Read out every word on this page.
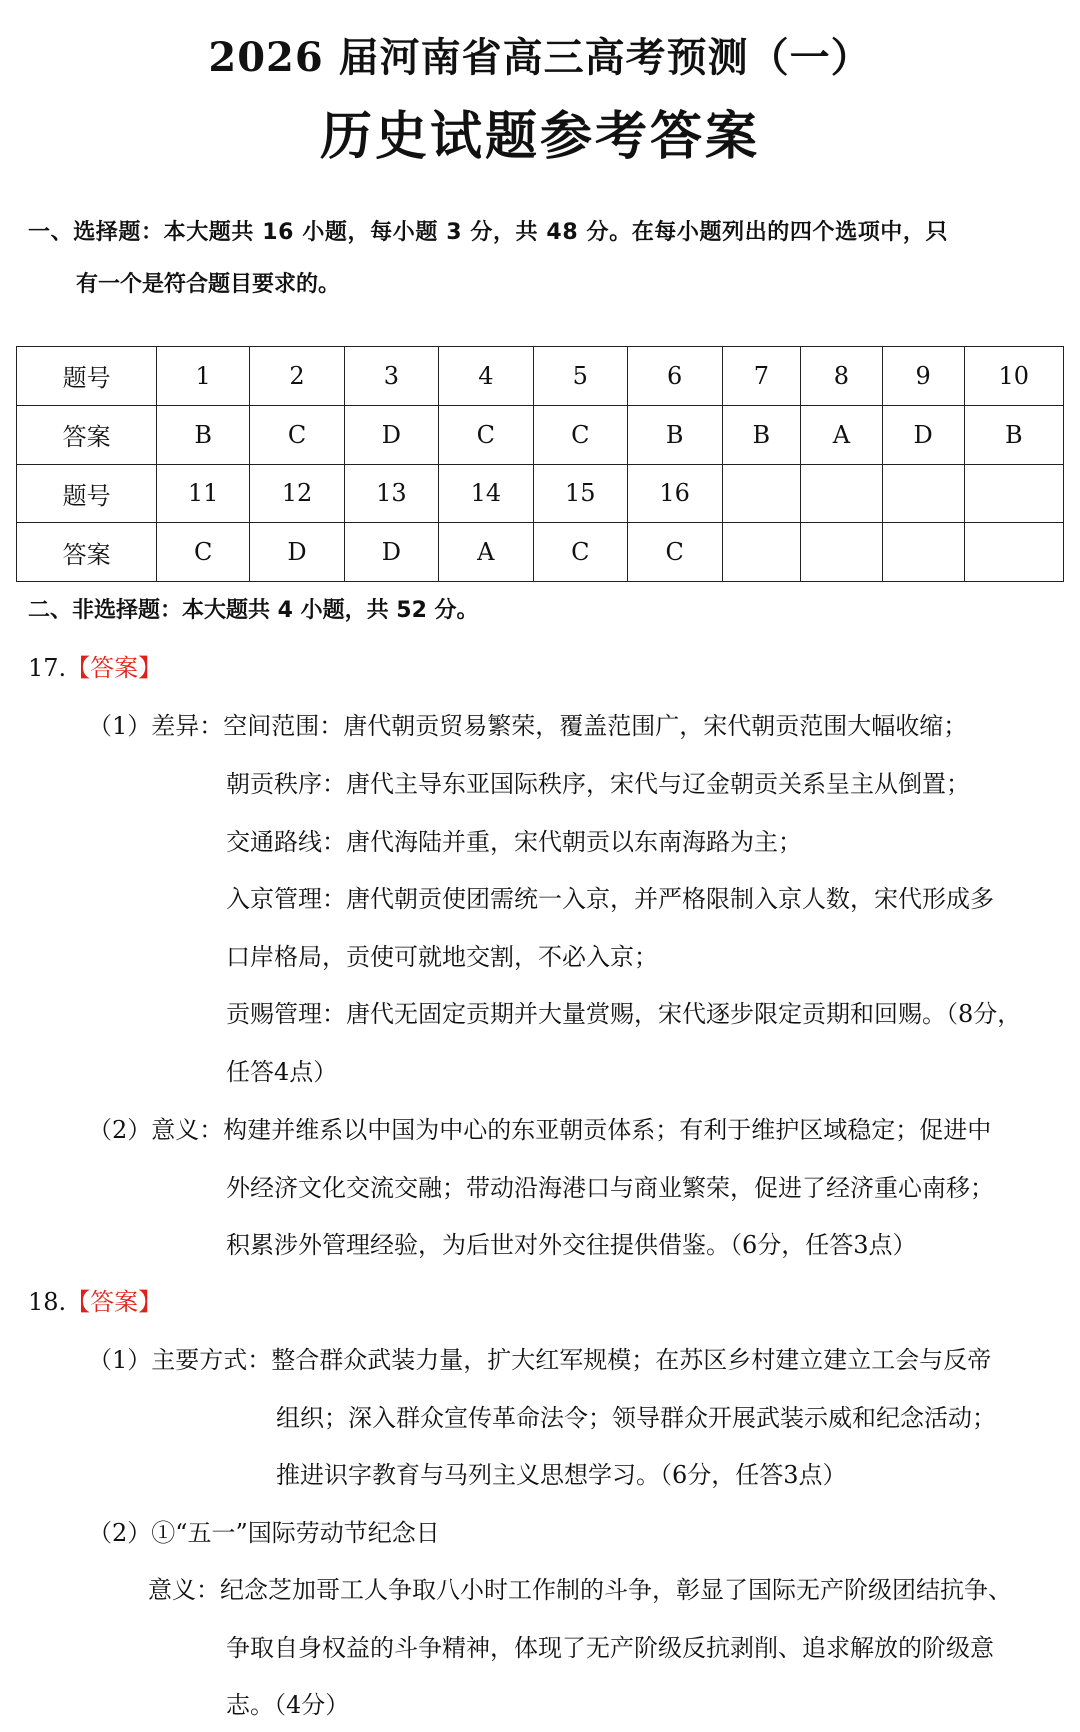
2026 届河南省高三高考预测（一）
历史试题参考答案
一、选择题：本大题共 16 小题，每小题 3 分，共 48 分。在每小题列出的四个选项中，只
有一个是符合题目要求的。
题号	1	2	3	4	5	6	7	8	9	10
答案	B	C	D	C	C	B	B	A	D	B
题号	11	12	13	14	15	16				
答案	C	D	D	A	C	C				
二、非选择题：本大题共 4 小题，共 52 分。
17.【答案】
（1）差异：空间范围：唐代朝贡贸易繁荣，覆盖范围广，宋代朝贡范围大幅收缩；
朝贡秩序：唐代主导东亚国际秩序，宋代与辽金朝贡关系呈主从倒置；
交通路线：唐代海陆并重，宋代朝贡以东南海路为主；
入京管理：唐代朝贡使团需统一入京，并严格限制入京人数，宋代形成多
口岸格局，贡使可就地交割，不必入京；
贡赐管理：唐代无固定贡期并大量赏赐，宋代逐步限定贡期和回赐。（8分，
任答4点）
（2）意义：构建并维系以中国为中心的东亚朝贡体系；有利于维护区域稳定；促进中
外经济文化交流交融；带动沿海港口与商业繁荣，促进了经济重心南移；
积累涉外管理经验，为后世对外交往提供借鉴。（6分，任答3点）
18.【答案】
（1）主要方式：整合群众武装力量，扩大红军规模；在苏区乡村建立建立工会与反帝
组织；深入群众宣传革命法令；领导群众开展武装示威和纪念活动；
推进识字教育与马列主义思想学习。（6分，任答3点）
（2）①“五一”国际劳动节纪念日
意义：纪念芝加哥工人争取八小时工作制的斗争，彰显了国际无产阶级团结抗争、
争取自身权益的斗争精神，体现了无产阶级反抗剥削、追求解放的阶级意
志。（4分）
